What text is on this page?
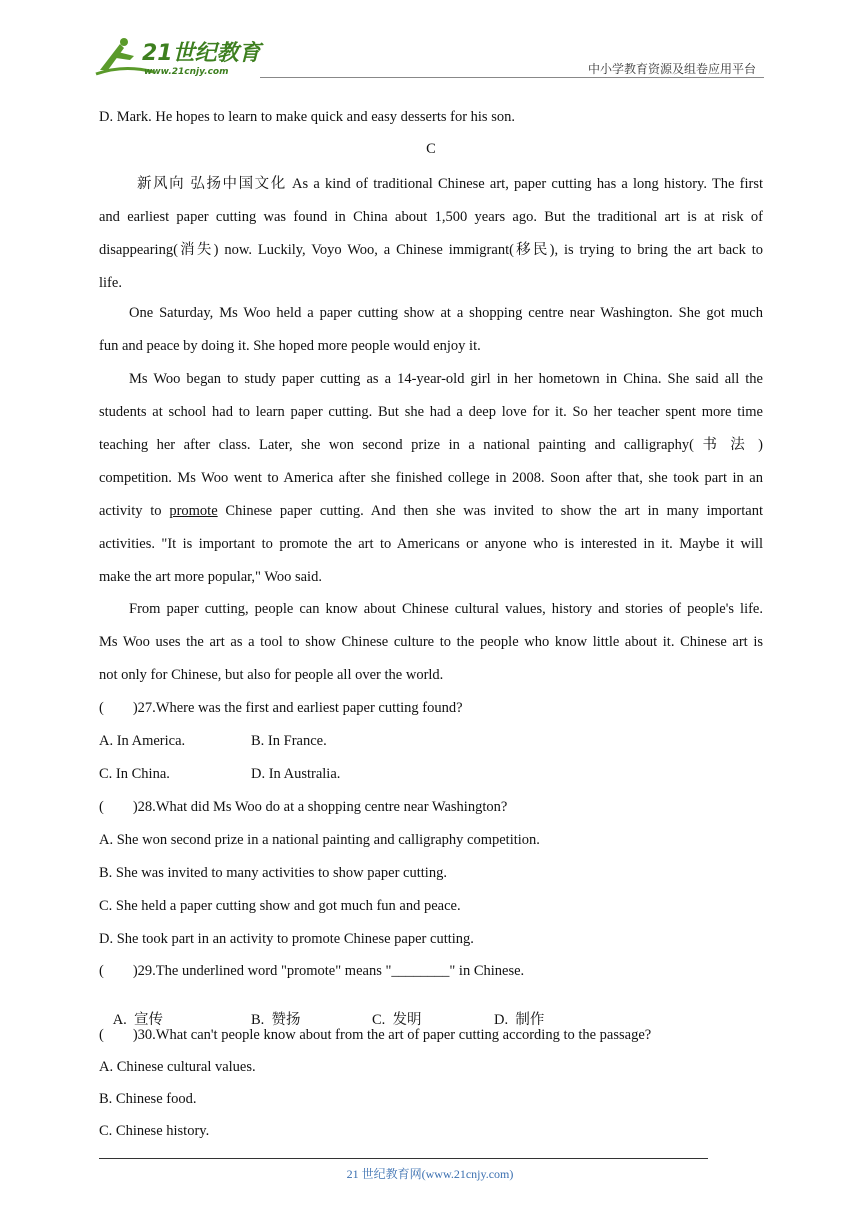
21世纪教育
www.21cnjy.com	中小学教育资源及组卷应用平台
D. Mark. He hopes to learn to make quick and easy desserts for his son.
C
新风向 弘扬中国文化 As a kind of traditional Chinese art, paper cutting has a long history. The first
and earliest paper cutting was found in China about 1,500 years ago. But the traditional art is at risk of
disappearing(消失) now. Luckily, Voyo Woo, a Chinese immigrant(移民), is trying to bring the art back to
life.
One Saturday, Ms Woo held a paper cutting show at a shopping centre near Washington. She got much
fun and peace by doing it. She hoped more people would enjoy it.
Ms Woo began to study paper cutting as a 14-year-old girl in her hometown in China. She said all the
students at school had to learn paper cutting. But she had a deep love for it. So her teacher spent more time
teaching her after class. Later, she won second prize in a national painting and calligraphy( 书 法 )
competition. Ms Woo went to America after she finished college in 2008. Soon after that, she took part in an
activity to promote Chinese paper cutting. And then she was invited to show the art in many important
activities. "It is important to promote the art to Americans or anyone who is interested in it. Maybe it will
make the art more popular," Woo said.
From paper cutting, people can know about Chinese cultural values, history and stories of people's life.
Ms Woo uses the art as a tool to show Chinese culture to the people who know little about it. Chinese art is
not only for Chinese, but also for people all over the world.
(        )27.Where was the first and earliest paper cutting found?
A. In America.	B. In France.
C. In China.	D. In Australia.
(        )28.What did Ms Woo do at a shopping centre near Washington?
A. She won second prize in a national painting and calligraphy competition.
B. She was invited to many activities to show paper cutting.
C. She held a paper cutting show and got much fun and peace.
D. She took part in an activity to promote Chinese paper cutting.
(        )29.The underlined word "promote" means "________" in Chinese.

A.  宣传	B.  赞扬	C.  发明	D.  制作

(        )30.What can't people know about from the art of paper cutting according to the passage?
A. Chinese cultural values.
B. Chinese food.
C. Chinese history.
21 世纪教育网(www.21cnjy.com)
